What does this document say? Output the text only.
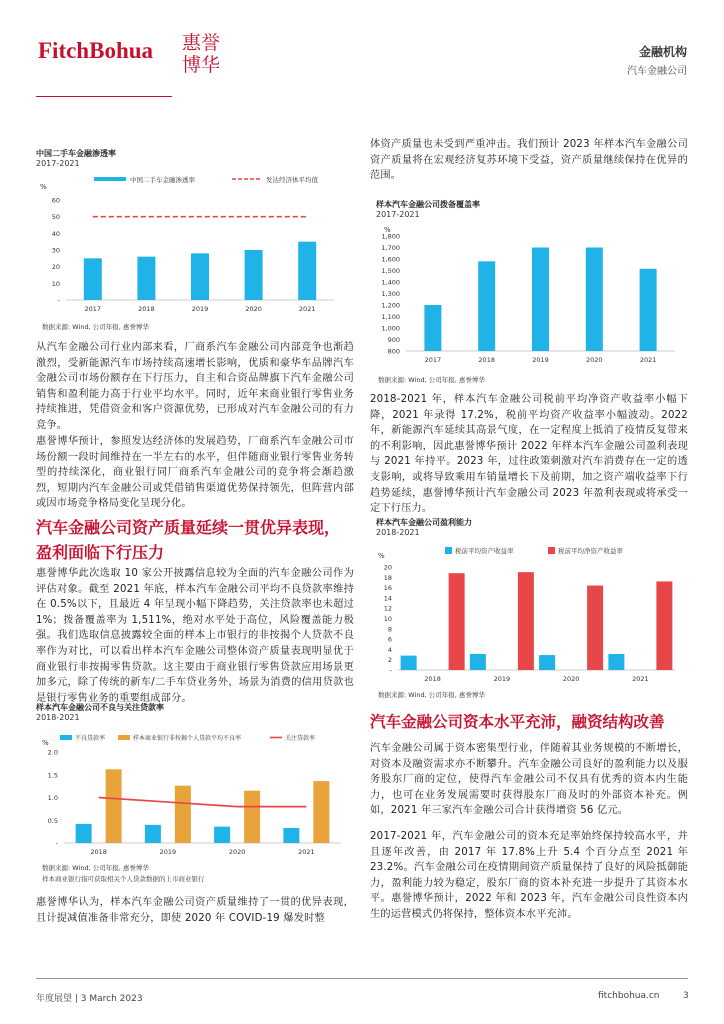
FitchBohua 惠誉
博华
金融机构
汽车金融公司
中国二手车金融渗透率
2017-2021
%
中国二手车金融渗透率	发达经济体平均值
-
10
20
30
40
50
60
2017	2018	2019	2020	2021
数据来源: Wind, 公司年报, 惠誉博华
从汽车金融公司行业内部来看，厂商系汽车金融公司内部竞争也渐趋激烈，受新能源汽车市场持续高速增长影响，优质和豪华车品牌汽车金融公司市场份额存在下行压力，自主和合资品牌旗下汽车金融公司销售和盈利能力高于行业平均水平。同时，近年来商业银行零售业务持续推进，凭借资金和客户资源优势，已形成对汽车金融公司的有力竞争。
惠誉博华预计，参照发达经济体的发展趋势，厂商系汽车金融公司市场份额一段时间维持在一半左右的水平，但伴随商业银行零售业务转型的持续深化，商业银行同厂商系汽车金融公司的竞争将会渐趋激烈，短期内汽车金融公司或凭借销售渠道优势保持领先，但阵营内部或因市场竞争格局变化呈现分化。
汽车金融公司资产质量延续一贯优异表现，盈利面临下行压力
惠誉博华此次选取 10 家公开披露信息较为全面的汽车金融公司作为评估对象。截至 2021 年底，样本汽车金融公司平均不良贷款率维持在 0.5%以下，且最近 4 年呈现小幅下降趋势，关注贷款率也未超过 1%；拨备覆盖率为 1,511%，绝对水平处于高位，风险覆盖能力极强。我们选取信息披露较全面的样本上市银行的非按揭个人贷款不良率作为对比，可以看出样本汽车金融公司整体资产质量表现明显优于商业银行非按揭零售贷款。这主要由于商业银行零售贷款应用场景更加多元，除了传统的新车/二手车贷业务外，场景为消费的信用贷款也是银行零售业务的重要组成部分。
样本汽车金融公司不良与关注贷款率
2018-2021
%
不良贷款率	样本商业银行非按揭个人贷款平均不良率	关注贷款率
-
0.5
1.0
1.5
2.0
2018	2019	2020	2021
数据来源: Wind, 公司年报, 惠誉博华
样本商业银行指可获取相关个人贷款数据的上市商业银行
惠誉博华认为，样本汽车金融公司资产质量维持了一贯的优异表现，且计提减值准备非常充分，即使 2020 年 COVID-19 爆发时整
体资产质量也未受到严重冲击。我们预计 2023 年样本汽车金融公司资产质量将在宏观经济复苏环境下受益，资产质量继续保持在优异的范围。
样本汽车金融公司拨备覆盖率
2017-2021
%
800
900
1,000
1,100
1,200
1,300
1,400
1,500
1,600
1,700
1,800
2017	2018	2019	2020	2021
数据来源: Wind, 公司年报, 惠誉博华
2018-2021 年，样本汽车金融公司税前平均净资产收益率小幅下降，2021 年录得 17.2%，税前平均资产收益率小幅波动。2022 年，新能源汽车延续其高景气度，在一定程度上抵消了疫情反复带来的不利影响，因此惠誉博华预计 2022 年样本汽车金融公司盈利表现与 2021 年持平。2023 年，过往政策刺激对汽车消费存在一定的透支影响，或将导致乘用车销量增长下及前期，加之资产端收益率下行趋势延续，惠誉博华预计汽车金融公司 2023 年盈利表现或将承受一定下行压力。
样本汽车金融公司盈利能力
2018-2021
%
税前平均资产收益率	税前平均净资产收益率
-
2
4
6
8
10
12
14
16
18
20
2018	2019	2020	2021
数据来源: Wind, 公司年报, 惠誉博华
汽车金融公司资本水平充沛，融资结构改善
汽车金融公司属于资本密集型行业，伴随着其业务规模的不断增长，对资本及融资需求亦不断攀升。汽车金融公司良好的盈利能力以及服务股东厂商的定位，使得汽车金融公司不仅具有优秀的资本内生能力，也可在业务发展需要时获得股东厂商及时的外部资本补充。例如，2021 年三家汽车金融公司合计获得增资 56 亿元。
2017-2021 年，汽车金融公司的资本充足率始终保持较高水平，并且逐年改善，由 2017 年 17.8%上升 5.4 个百分点至 2021 年 23.2%。汽车金融公司在疫情期间资产质量保持了良好的风险抵御能力，盈利能力较为稳定，股东厂商的资本补充进一步提升了其资本水平。惠誉博华预计，2022 年和 2023 年，汽车金融公司良性资本内生的运营模式仍将保持，整体资本水平充沛。
年度展望 | 3 March 2023	fitchbohua.cn	3
